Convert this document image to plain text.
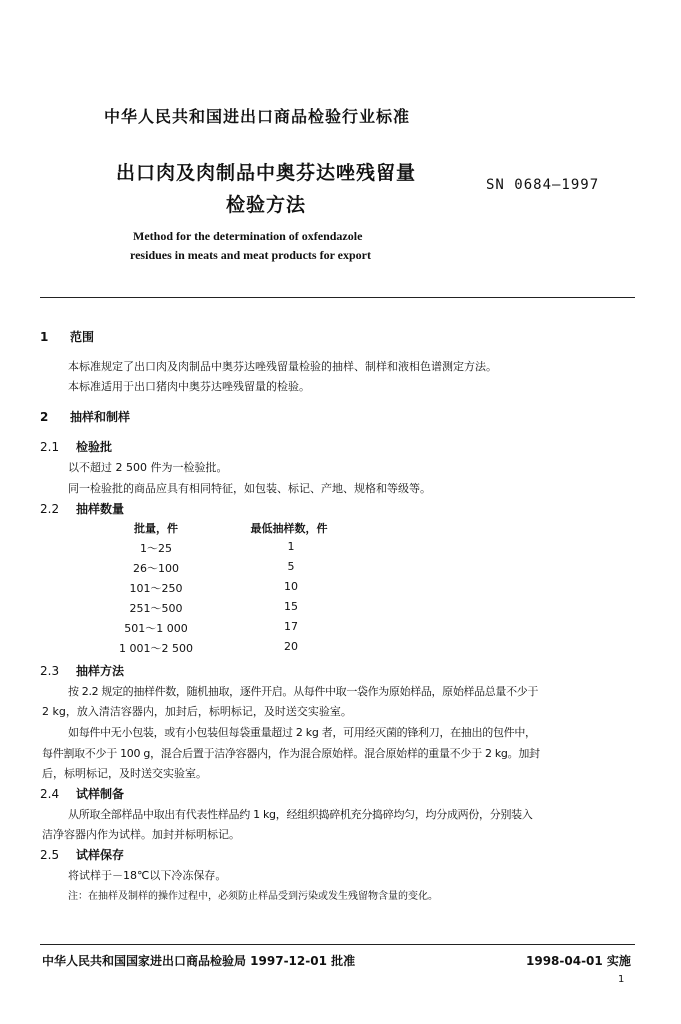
中华人民共和国进出口商品检验行业标准
出口肉及肉制品中奥芬达唑残留量
检验方法
SN 0684—1997
Method for the determination of oxfendazole
residues in meats and meat products for export
1 范围
本标准规定了出口肉及肉制品中奥芬达唑残留量检验的抽样、制样和液相色谱测定方法。
本标准适用于出口猪肉中奥芬达唑残留量的检验。
2 抽样和制样
2.1 检验批
以不超过 2 500 件为一检验批。
同一检验批的商品应具有相同特征，如包装、标记、产地、规格和等级等。
2.2 抽样数量
批量，件	最低抽样数，件
1～25	1
26～100	5
101～250	10
251～500	15
501～1 000	17
1 001～2 500	20
2.3 抽样方法
按 2.2 规定的抽样件数，随机抽取，逐件开启。从每件中取一袋作为原始样品，原始样品总量不少于
2 kg，放入清洁容器内，加封后，标明标记，及时送交实验室。
如每件中无小包装，或有小包装但每袋重量超过 2 kg 者，可用经灭菌的锋利刀，在抽出的包件中，
每件割取不少于 100 g，混合后置于洁净容器内，作为混合原始样。混合原始样的重量不少于 2 kg。加封
后，标明标记，及时送交实验室。
2.4 试样制备
从所取全部样品中取出有代表性样品约 1 kg，经组织捣碎机充分捣碎均匀，均分成两份，分别装入
洁净容器内作为试样。加封并标明标记。
2.5 试样保存
将试样于－18℃以下冷冻保存。
注：在抽样及制样的操作过程中，必须防止样品受到污染或发生残留物含量的变化。
中华人民共和国国家进出口商品检验局 1997-12-01 批准	1998-04-01 实施
1
